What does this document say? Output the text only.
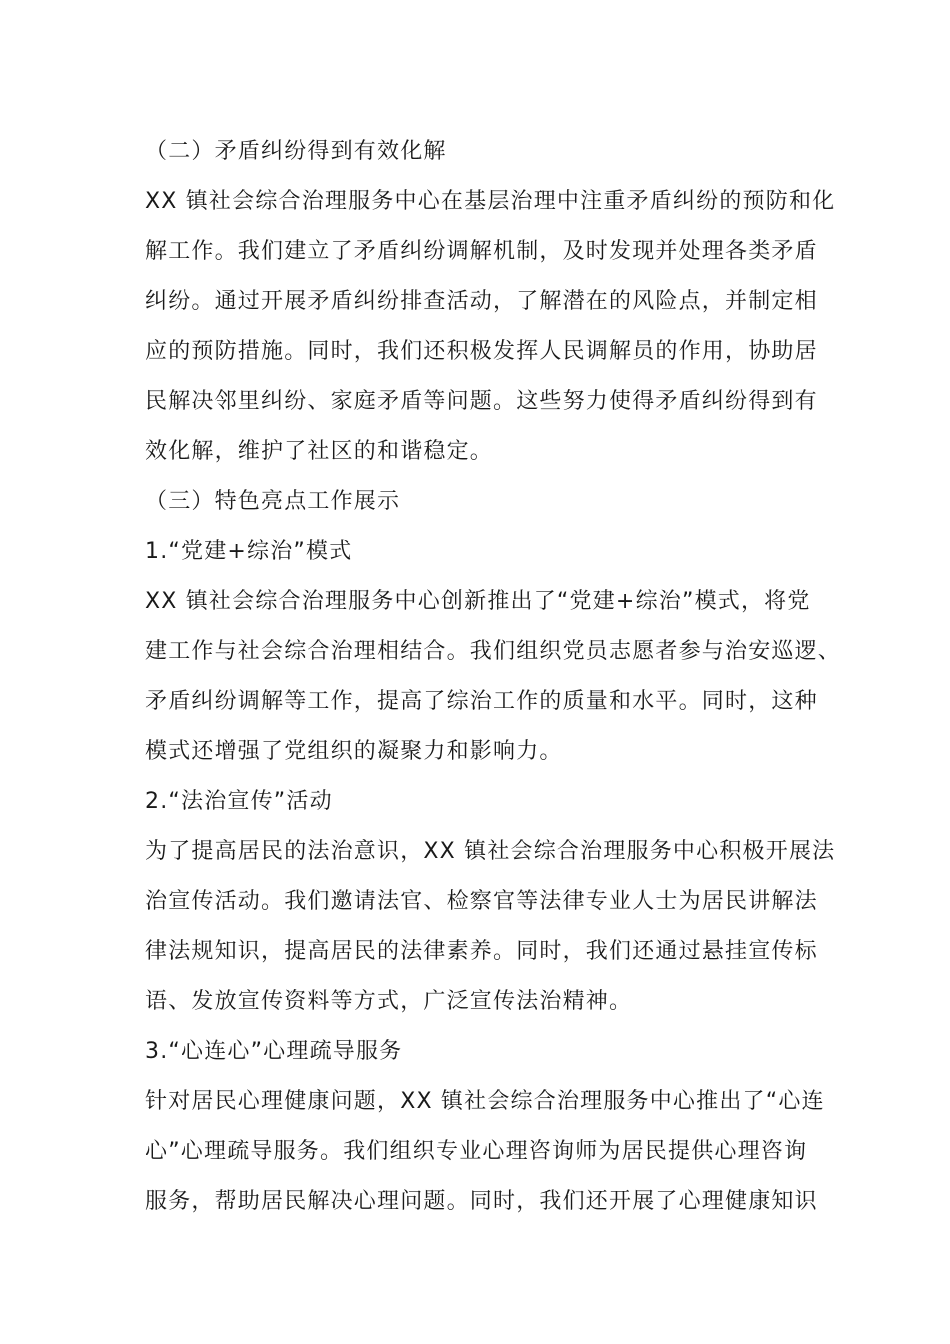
（二）矛盾纠纷得到有效化解
XX 镇社会综合治理服务中心在基层治理中注重矛盾纠纷的预防和化
解工作。我们建立了矛盾纠纷调解机制，及时发现并处理各类矛盾
纠纷。通过开展矛盾纠纷排查活动，了解潜在的风险点，并制定相
应的预防措施。同时，我们还积极发挥人民调解员的作用，协助居
民解决邻里纠纷、家庭矛盾等问题。这些努力使得矛盾纠纷得到有
效化解，维护了社区的和谐稳定。
（三）特色亮点工作展示
1.“党建+综治”模式
XX 镇社会综合治理服务中心创新推出了“党建+综治”模式，将党
建工作与社会综合治理相结合。我们组织党员志愿者参与治安巡逻、
矛盾纠纷调解等工作，提高了综治工作的质量和水平。同时，这种
模式还增强了党组织的凝聚力和影响力。
2.“法治宣传”活动
为了提高居民的法治意识，XX 镇社会综合治理服务中心积极开展法
治宣传活动。我们邀请法官、检察官等法律专业人士为居民讲解法
律法规知识，提高居民的法律素养。同时，我们还通过悬挂宣传标
语、发放宣传资料等方式，广泛宣传法治精神。
3.“心连心”心理疏导服务
针对居民心理健康问题，XX 镇社会综合治理服务中心推出了“心连
心”心理疏导服务。我们组织专业心理咨询师为居民提供心理咨询
服务，帮助居民解决心理问题。同时，我们还开展了心理健康知识
